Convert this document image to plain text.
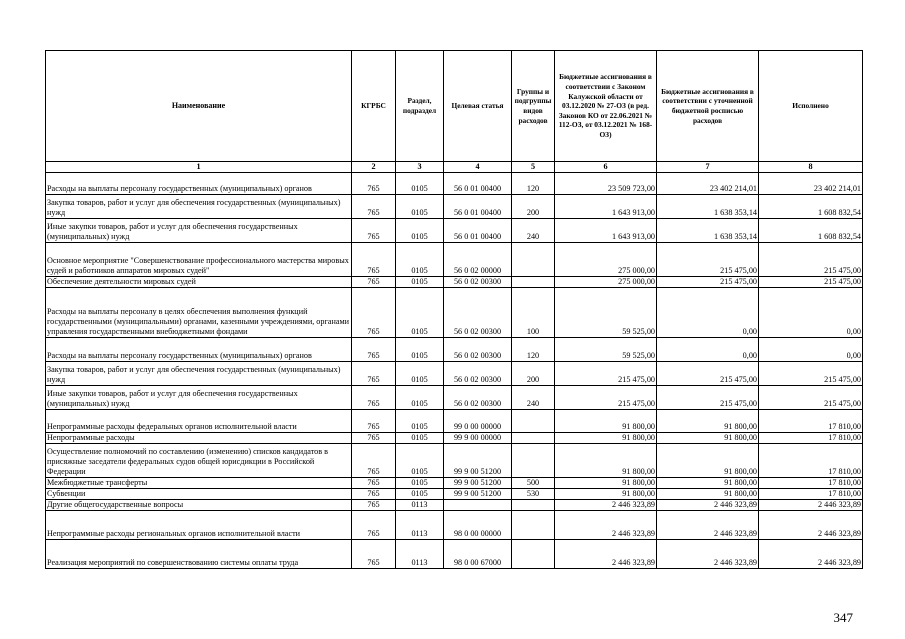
Наименование	КГРБС	Раздел, подраздел	Целевая статья	Группы и подгруппы видов расходов	Бюджетные ассигнования в соответствии с Законом Калужской области от 03.12.2020 № 27-ОЗ (в ред. Законов КО от 22.06.2021 № 112-ОЗ, от 03.12.2021 № 168-ОЗ)	Бюджетные ассигнования в соответствии с уточненной бюджетной росписью расходов	Исполнено
1	2	3	4	5	6	7	8
Расходы на выплаты персоналу государственных (муниципальных) органов	765	0105	56 0 01 00400	120	23 509 723,00	23 402 214,01	23 402 214,01
Закупка товаров, работ и услуг для обеспечения государственных (муниципальных) нужд	765	0105	56 0 01 00400	200	1 643 913,00	1 638 353,14	1 608 832,54
Иные закупки товаров, работ и услуг для обеспечения государственных (муниципальных) нужд	765	0105	56 0 01 00400	240	1 643 913,00	1 638 353,14	1 608 832,54
Основное мероприятие "Совершенствование профессионального мастерства мировых судей и работников аппаратов мировых судей"	765	0105	56 0 02 00000		275 000,00	215 475,00	215 475,00
Обеспечение деятельности мировых судей	765	0105	56 0 02 00300		275 000,00	215 475,00	215 475,00
Расходы на выплаты персоналу в целях обеспечения выполнения функций государственными (муниципальными) органами, казенными учреждениями, органами управления государственными внебюджетными фондами	765	0105	56 0 02 00300	100	59 525,00	0,00	0,00
Расходы на выплаты персоналу государственных (муниципальных) органов	765	0105	56 0 02 00300	120	59 525,00	0,00	0,00
Закупка товаров, работ и услуг для обеспечения государственных (муниципальных) нужд	765	0105	56 0 02 00300	200	215 475,00	215 475,00	215 475,00
Иные закупки товаров, работ и услуг для обеспечения государственных (муниципальных) нужд	765	0105	56 0 02 00300	240	215 475,00	215 475,00	215 475,00
Непрограммные расходы федеральных органов исполнительной власти	765	0105	99 0 00 00000		91 800,00	91 800,00	17 810,00
Непрограммные расходы	765	0105	99 9 00 00000		91 800,00	91 800,00	17 810,00
Осуществление полномочий по составлению (изменению) списков кандидатов в присяжные заседатели федеральных судов общей юрисдикции в Российской Федерации	765	0105	99 9 00 51200		91 800,00	91 800,00	17 810,00
Межбюджетные трансферты	765	0105	99 9 00 51200	500	91 800,00	91 800,00	17 810,00
Субвенции	765	0105	99 9 00 51200	530	91 800,00	91 800,00	17 810,00
Другие общегосударственные вопросы	765	0113			2 446 323,89	2 446 323,89	2 446 323,89
Непрограммные расходы региональных органов исполнительной власти	765	0113	98 0 00 00000		2 446 323,89	2 446 323,89	2 446 323,89
Реализация мероприятий по совершенствованию системы оплаты труда	765	0113	98 0 00 67000		2 446 323,89	2 446 323,89	2 446 323,89
347
